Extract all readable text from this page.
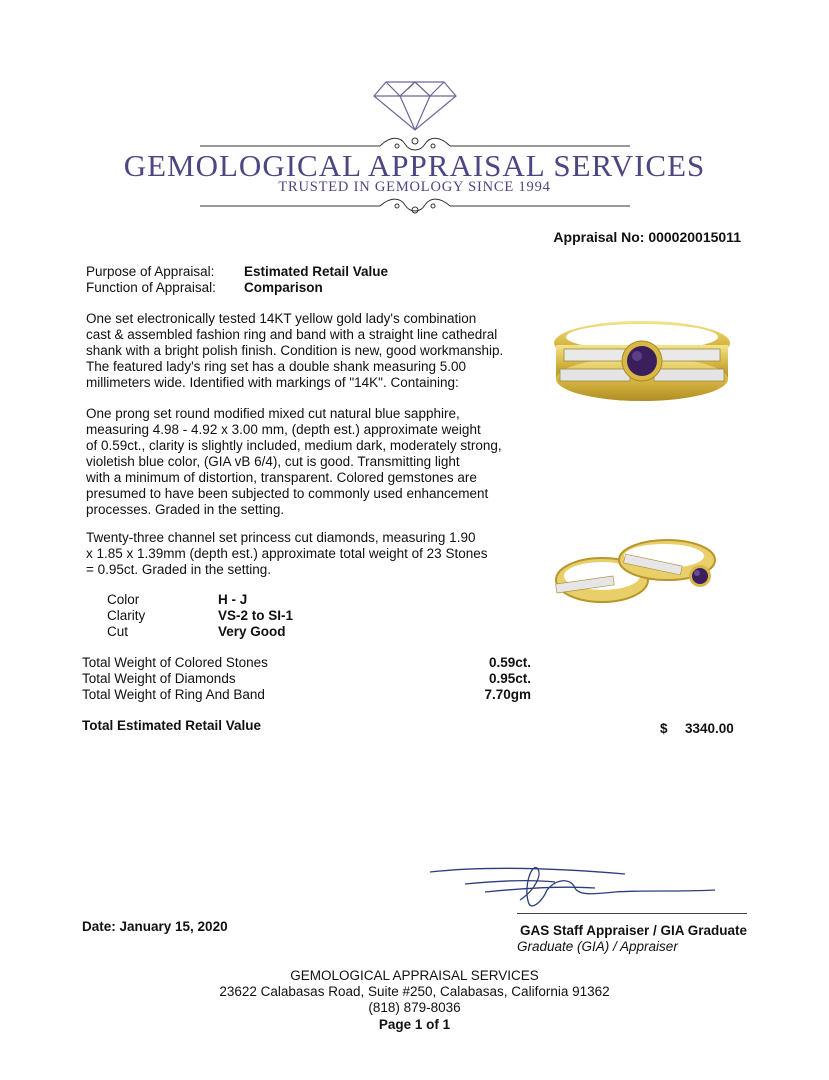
GEMOLOGICAL APPRAISAL SERVICES
TRUSTED IN GEMOLOGY SINCE 1994
Appraisal No: 000020015011
Purpose of Appraisal: Estimated Retail Value
Function of Appraisal: Comparison
One set electronically tested 14KT yellow gold lady's combination
cast & assembled fashion ring and band with a straight line cathedral
shank with a bright polish finish. Condition is new, good workmanship.
The featured lady's ring set has a double shank measuring 5.00
millimeters wide. Identified with markings of "14K". Containing:
One prong set round modified mixed cut natural blue sapphire,
measuring 4.98 - 4.92 x 3.00 mm, (depth est.) approximate weight
of 0.59ct., clarity is slightly included, medium dark, moderately strong,
violetish blue color, (GIA vB 6/4), cut is good. Transmitting light
with a minimum of distortion, transparent. Colored gemstones are
presumed to have been subjected to commonly used enhancement
processes. Graded in the setting.
Twenty-three channel set princess cut diamonds, measuring 1.90
x 1.85 x 1.39mm (depth est.) approximate total weight of 23 Stones
= 0.95ct. Graded in the setting.
Color	H - J
Clarity	VS-2 to SI-1
Cut	Very Good
Total Weight of Colored Stones	0.59ct.
Total Weight of Diamonds	0.95ct.
Total Weight of Ring And Band	7.70gm
Total Estimated Retail Value	$ 3340.00
Date: January 15, 2020	GAS Staff Appraiser / GIA Graduate
Graduate (GIA) / Appraiser
GEMOLOGICAL APPRAISAL SERVICES
23622 Calabasas Road, Suite #250, Calabasas, California 91362
(818) 879-8036
Page 1 of 1
